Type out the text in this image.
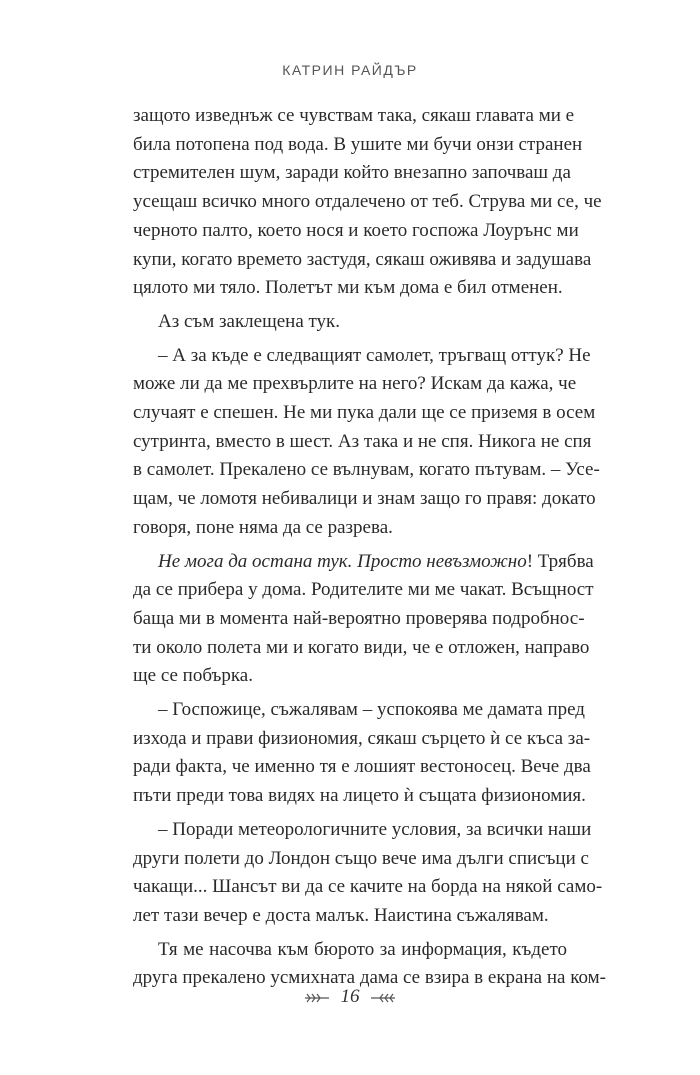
КАТРИН РАЙДЪР

защото изведнъж се чувствам така, сякаш главата ми е
била потопена под вода. В ушите ми бучи онзи странен
стремителен шум, заради който внезапно започваш да
усещаш всичко много отдалечено от теб. Струва ми се, че
черното палто, което нося и което госпожа Лоурънс ми
купи, когато времето застудя, сякаш оживява и задушава
цялото ми тяло. Полетът ми към дома е бил отменен.

Аз съм заклещена тук.

– А за къде е следващият самолет, тръгващ оттук? Не
може ли да ме прехвърлите на него? Искам да кажа, че
случаят е спешен. Не ми пука дали ще се приземя в осем
сутринта, вместо в шест. Аз така и не спя. Никога не спя
в самолет. Прекалено се вълнувам, когато пътувам. – Усе-
щам, че ломотя небивалици и знам защо го правя: докато
говоря, поне няма да се разрева.

Не мога да остана тук. Просто невъзможно! Трябва
да се прибера у дома. Родителите ми ме чакат. Всъщност
баща ми в момента най-вероятно проверява подробнос-
ти около полета ми и когато види, че е отложен, направо
ще се побърка.

– Госпожице, съжалявам – успокоява ме дамата пред
изхода и прави физиономия, сякаш сърцето ѝ се къса за-
ради факта, че именно тя е лошият вестоносец. Вече два
пъти преди това видях на лицето ѝ същата физиономия.

– Поради метеорологичните условия, за всички наши
други полети до Лондон също вече има дълги списъци с
чакащи... Шансът ви да се качите на борда на някой само-
лет тази вечер е доста малък. Наистина съжалявам.

Тя ме насочва към бюрото за информация, където
друга прекалено усмихната дама се взира в екрана на ком-

16
